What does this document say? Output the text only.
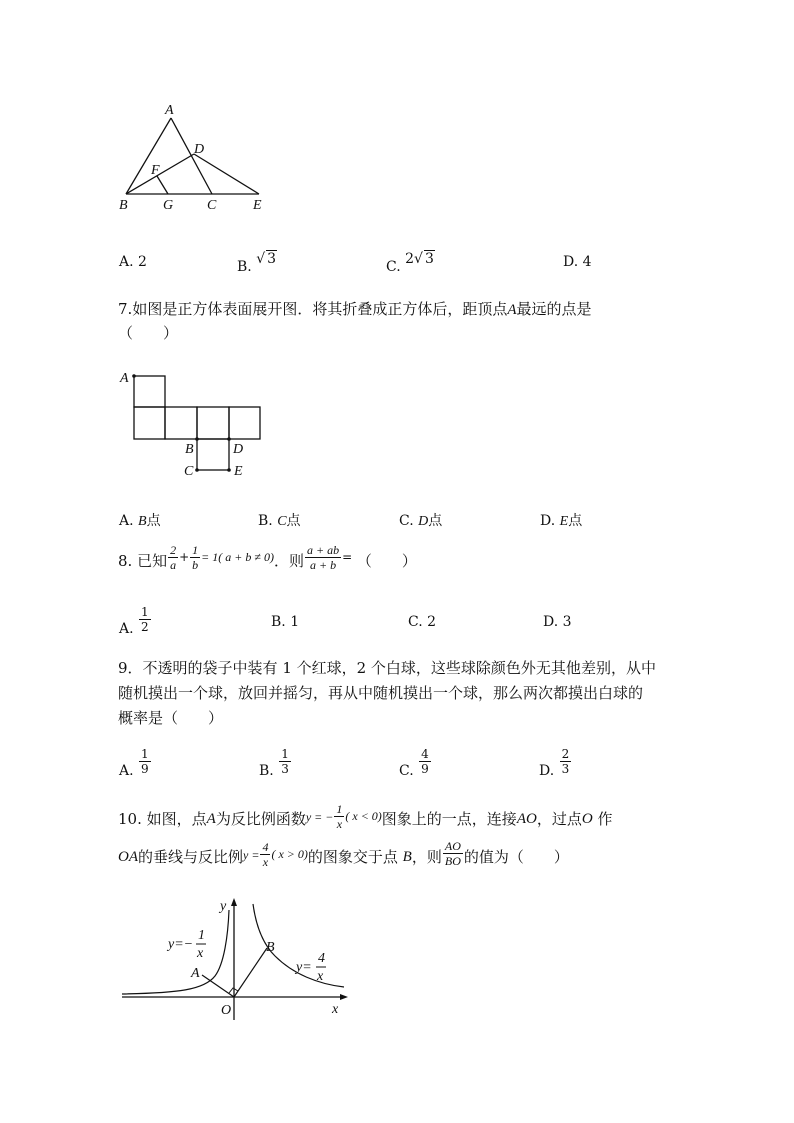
A
D
F
B	G C	E
A. 2	B. √ 3	C. 2√ 3	D. 4
7.如图是正方体表面展开图．将其折叠成正方体后，距顶点A最远的点是
（　　）
A
B	D
C	E
A. B点	B. C点	C. D点	D. E点
8.
已知 $\frac{2}{a} + \frac{1}{b} = 1$( a + b ≠ 0) ．则 $\frac{a + ab}{a + b}$ =
（　　）
A.
$\frac{1}{2}$	B. 1	C. 2	D. 3
9．不透明的袋子中装有 1 个红球，2 个白球，这些球除颜色外无其他差别，从中
随机摸出一个球，放回并摇匀，再从中随机摸出一个球，那么两次都摸出白球的
概率是（　　）
A.
$\frac{1}{9}$	B.
$\frac{1}{3}$	C.
$\frac{4}{9}$	D.
$\frac{2}{3}$
10.
如图，点 A 为反比例函数 y = − $\frac{1}{x}$ ( x < 0) 图象上的一点，连接 AO ，过点 O
作
OA 的垂线与反比例 $y = \frac{4}{x}$ ( x > 0) 的图象交于点
B ，则 $\frac{AO}{BO}$ 的值为（　　）
y
x
O
A
B
y=−
1
x
y=
4
x
